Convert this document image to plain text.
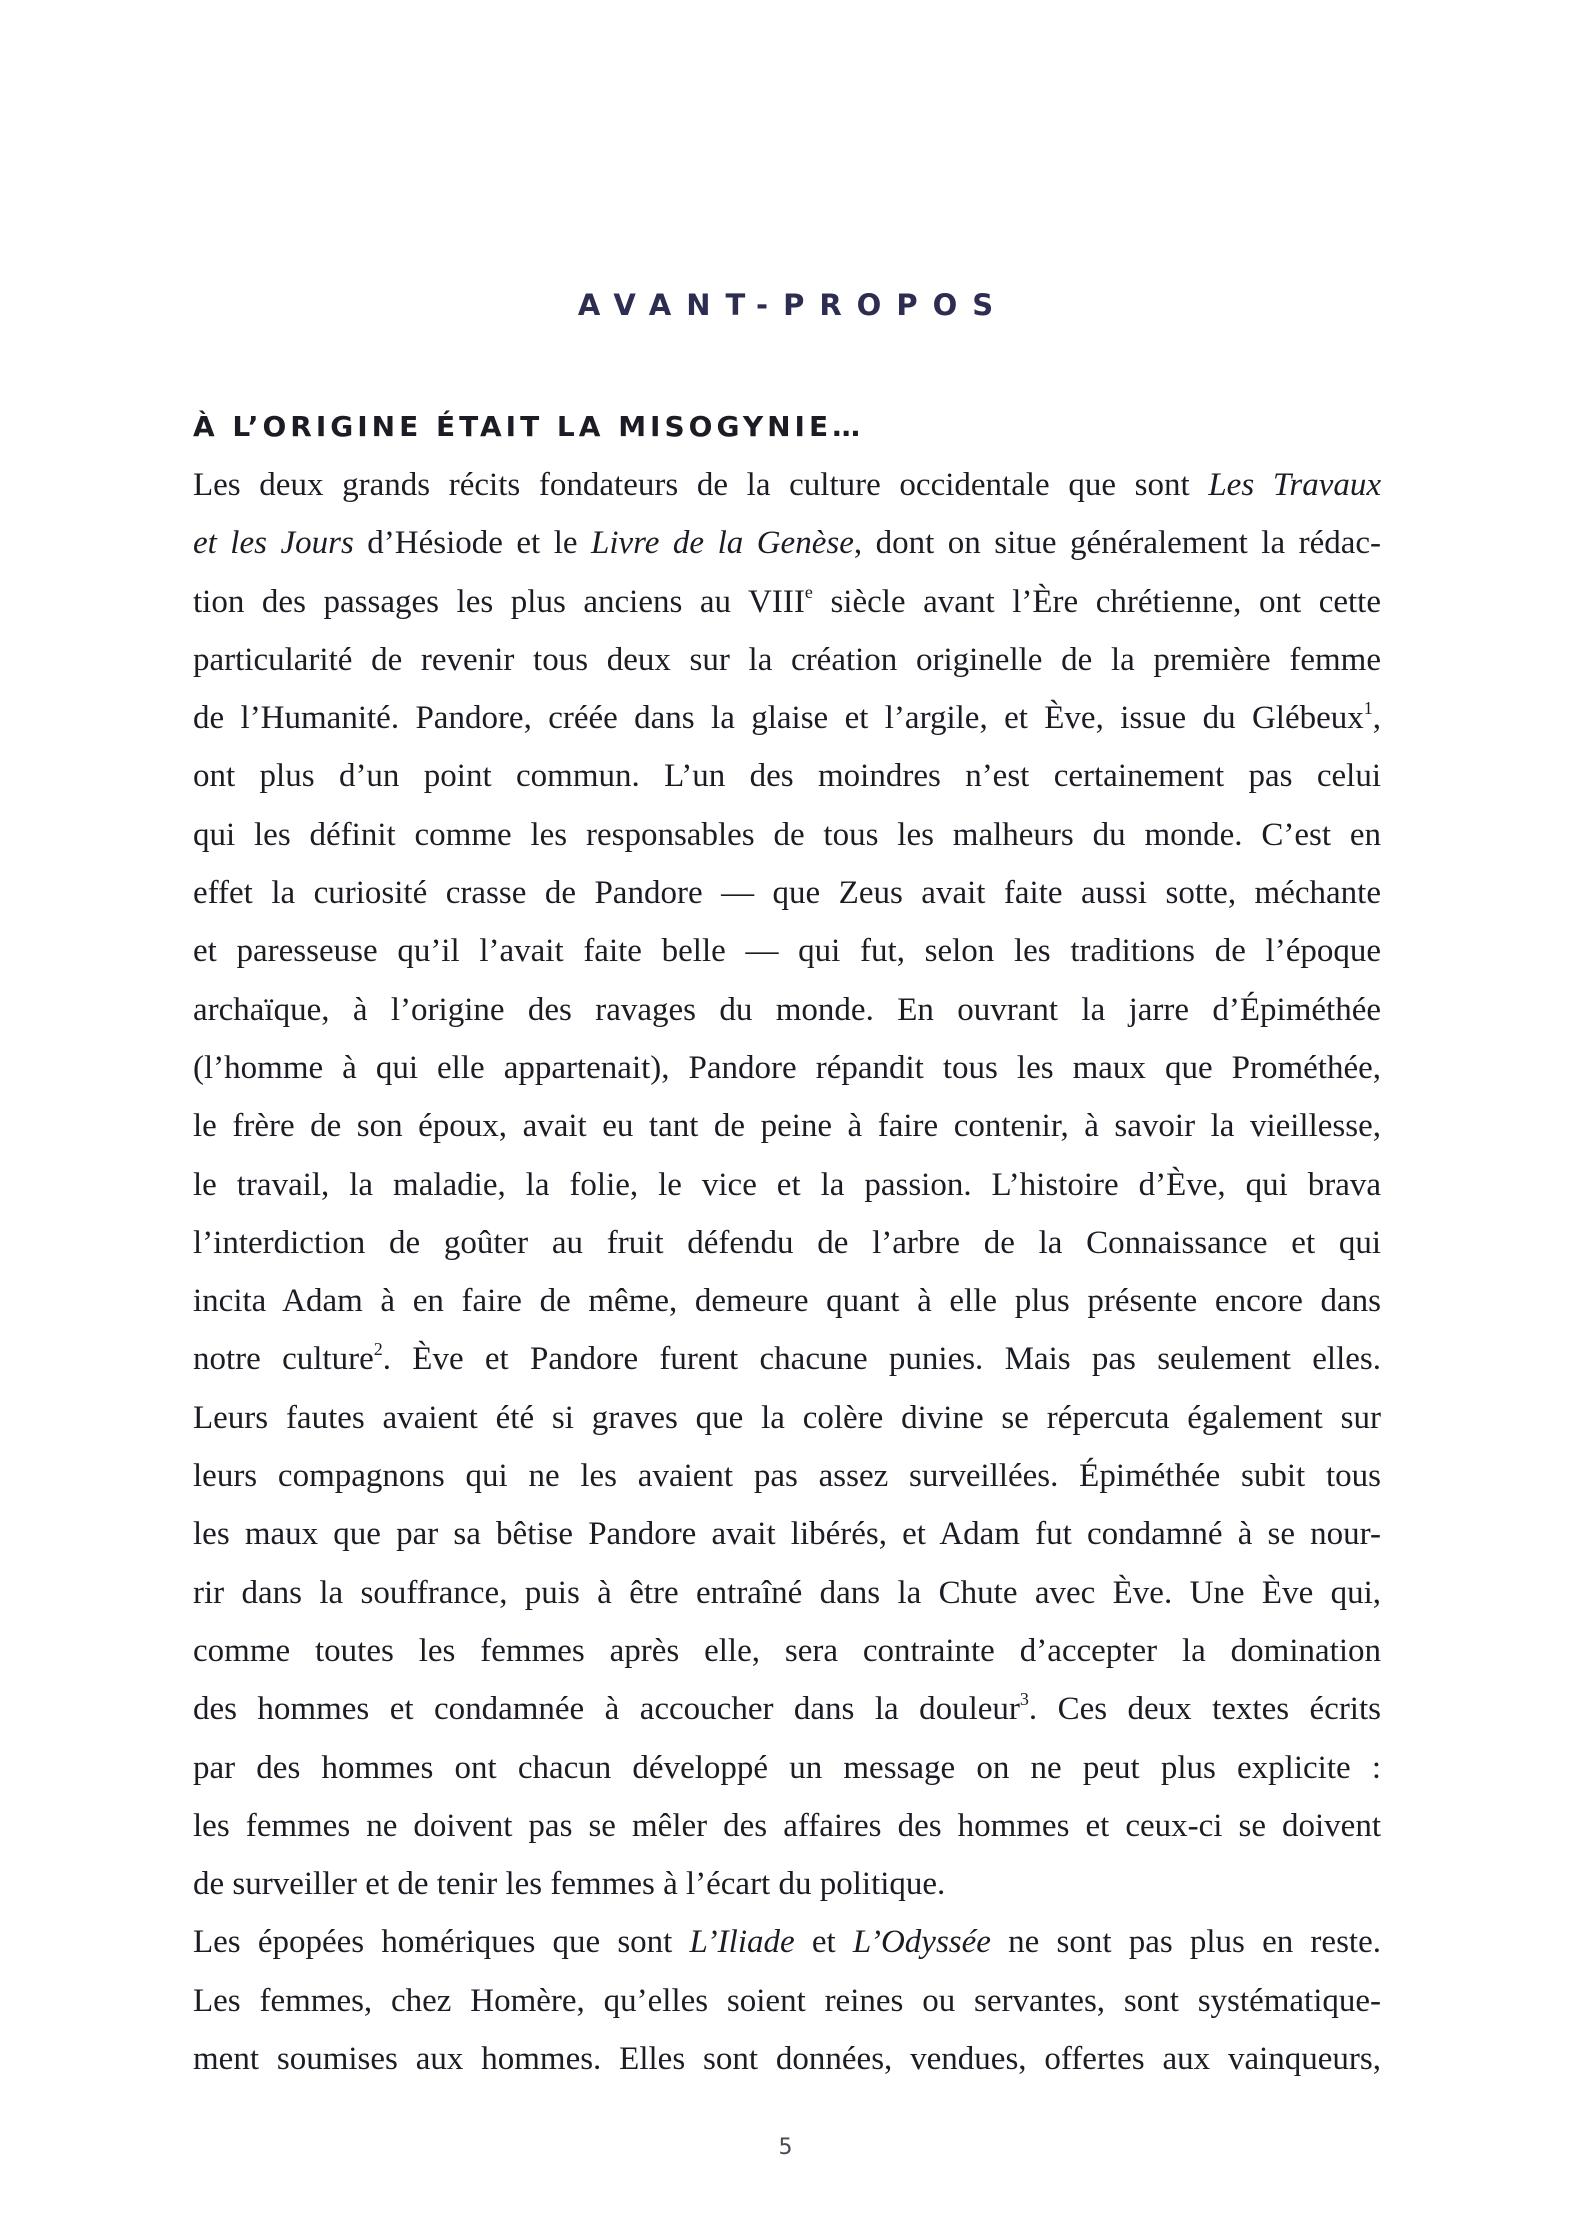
AVANT-PROPOS
À L’ORIGINE ÉTAIT LA MISOGYNIE…
Les deux grands récits fondateurs de la culture occidentale que sont Les Travaux
et les Jours d’Hésiode et le Livre de la Genèse, dont on situe généralement la rédac-
tion des passages les plus anciens au VIIIe siècle avant l’Ère chrétienne, ont cette
particularité de revenir tous deux sur la création originelle de la première femme
de l’Humanité. Pandore, créée dans la glaise et l’argile, et Ève, issue du Glébeux$^1$,
ont plus d’un point commun. L’un des moindres n’est certainement pas celui
qui les définit comme les responsables de tous les malheurs du monde. C’est en
effet la curiosité crasse de Pandore — que Zeus avait faite aussi sotte, méchante
et paresseuse qu’il l’avait faite belle — qui fut, selon les traditions de l’époque
archaïque, à l’origine des ravages du monde. En ouvrant la jarre d’Épiméthée
(l’homme à qui elle appartenait), Pandore répandit tous les maux que Prométhée,
le frère de son époux, avait eu tant de peine à faire contenir, à savoir la vieillesse,
le travail, la maladie, la folie, le vice et la passion. L’histoire d’Ève, qui brava
l’interdiction de goûter au fruit défendu de l’arbre de la Connaissance et qui
incita Adam à en faire de même, demeure quant à elle plus présente encore dans
notre culture$^2$. Ève et Pandore furent chacune punies. Mais pas seulement elles.
Leurs fautes avaient été si graves que la colère divine se répercuta également sur
leurs compagnons qui ne les avaient pas assez surveillées. Épiméthée subit tous
les maux que par sa bêtise Pandore avait libérés, et Adam fut condamné à se nour-
rir dans la souffrance, puis à être entraîné dans la Chute avec Ève. Une Ève qui,
comme toutes les femmes après elle, sera contrainte d’accepter la domination
des hommes et condamnée à accoucher dans la douleur$^3$. Ces deux textes écrits
par des hommes ont chacun développé un message on ne peut plus explicite :
les femmes ne doivent pas se mêler des affaires des hommes et ceux-ci se doivent
de surveiller et de tenir les femmes à l’écart du politique.
Les épopées homériques que sont L’Iliade et L’Odyssée ne sont pas plus en reste.
Les femmes, chez Homère, qu’elles soient reines ou servantes, sont systématique-
ment soumises aux hommes. Elles sont données, vendues, offertes aux vainqueurs,
5
